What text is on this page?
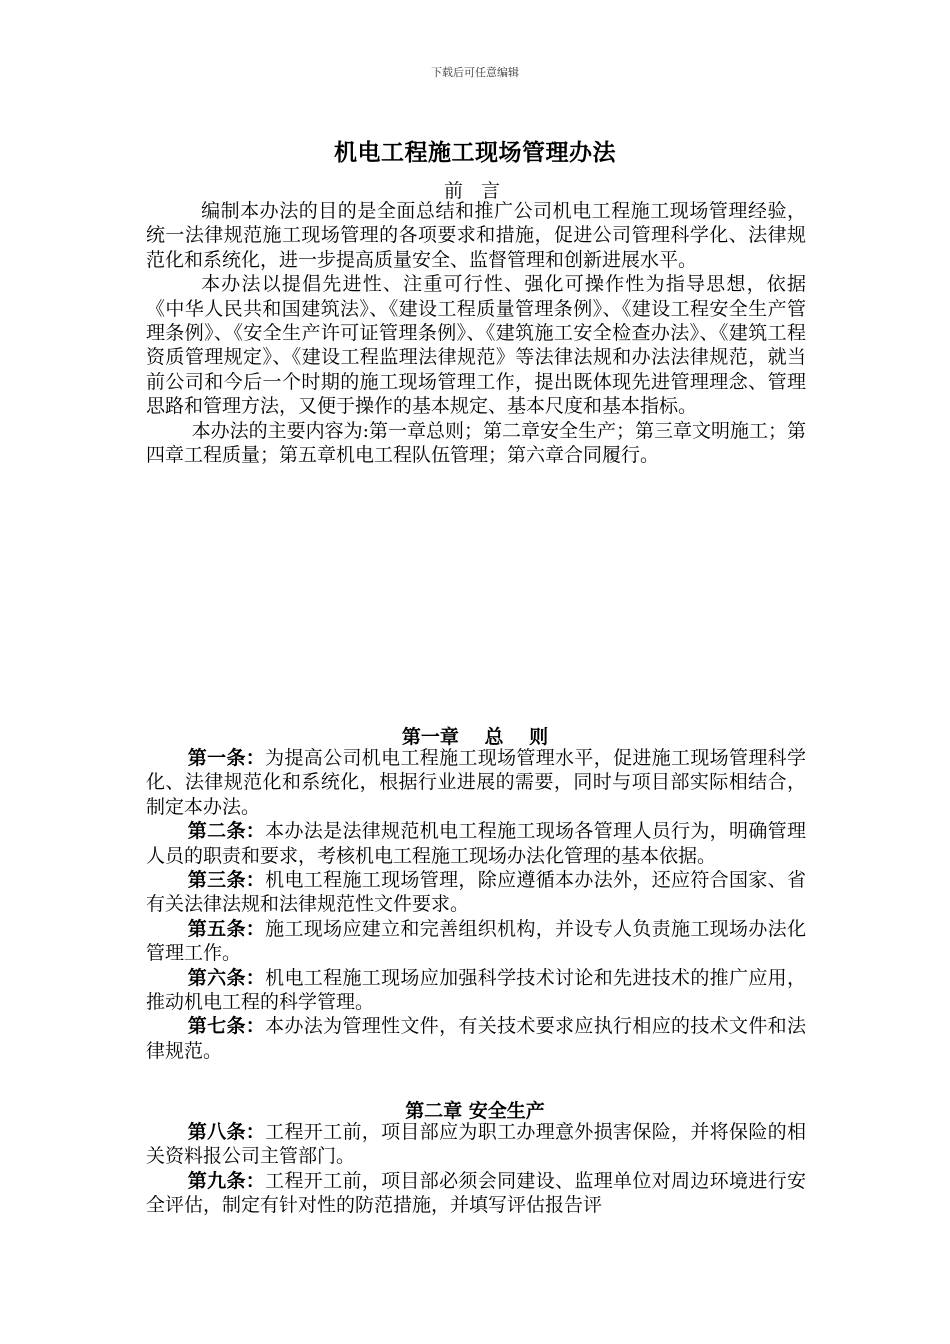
下载后可任意编辑
机电工程施工现场管理办法
前 言

编制本办法的目的是全面总结和推广公司机电工程施工现场管理经验，统一法律规范施工现场管理的各项要求和措施，促进公司管理科学化、法律规范化和系统化，进一步提高质量安全、监督管理和创新进展水平。

本办法以提倡先进性、注重可行性、强化可操作性为指导思想，依据《中华人民共和国建筑法》、《建设工程质量管理条例》、《建设工程安全生产管理条例》、《安全生产许可证管理条例》、《建筑施工安全检查办法》、《建筑工程资质管理规定》、《建设工程监理法律规范》等法律法规和办法法律规范，就当前公司和今后一个时期的施工现场管理工作，提出既体现先进管理理念、管理思路和管理方法，又便于操作的基本规定、基本尺度和基本指标。

本办法的主要内容为:第一章总则；第二章安全生产；第三章文明施工；第四章工程质量；第五章机电工程队伍管理；第六章合同履行。

第一章　 总　 则

第一条：为提高公司机电工程施工现场管理水平，促进施工现场管理科学化、法律规范化和系统化，根据行业进展的需要，同时与项目部实际相结合，制定本办法。

第二条：本办法是法律规范机电工程施工现场各管理人员行为，明确管理人员的职责和要求，考核机电工程施工现场办法化管理的基本依据。

第三条：机电工程施工现场管理，除应遵循本办法外，还应符合国家、省有关法律法规和法律规范性文件要求。

第五条：施工现场应建立和完善组织机构，并设专人负责施工现场办法化管理工作。

第六条：机电工程施工现场应加强科学技术讨论和先进技术的推广应用，推动机电工程的科学管理。

第七条：本办法为管理性文件，有关技术要求应执行相应的技术文件和法律规范。

第二章 安全生产

第八条：工程开工前，项目部应为职工办理意外损害保险，并将保险的相关资料报公司主管部门。

第九条：工程开工前，项目部必须会同建设、监理单位对周边环境进行安全评估，制定有针对性的防范措施，并填写评估报告评
